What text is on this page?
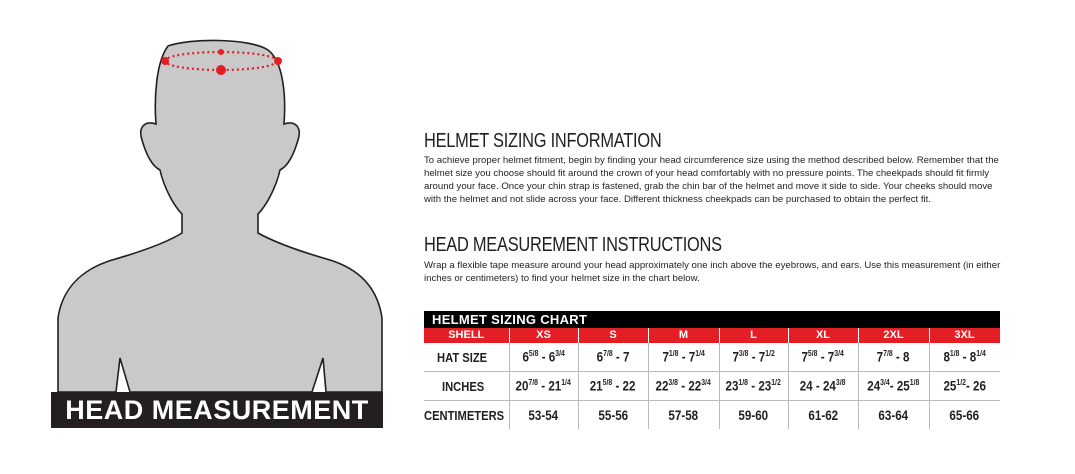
HEAD MEASUREMENT
HELMET SIZING INFORMATION
To achieve proper helmet fitment, begin by finding your head circumference size using the method described below. Remember that the helmet size you choose should fit around the crown of your head comfortably with no pressure points. The cheekpads should fit firmly around your face. Once your chin strap is fastened, grab the chin bar of the helmet and move it side to side. Your cheeks should move with the helmet and not slide across your face. Different thickness cheekpads can be purchased to obtain the perfect fit.
HEAD MEASUREMENT INSTRUCTIONS
Wrap a flexible tape measure around your head approximately one inch above the eyebrows, and ears. Use this measurement (in either inches or centimeters) to find your helmet size in the chart below.
HELMET SIZING CHART
SHELL	XS	S	M	L	XL	2XL	3XL
HAT SIZE	$6^{5/8} - 6^{3/4}$	$6^{7/8} - 7$	$7^{1/8} - 7^{1/4}$	$7^{3/8} - 7^{1/2}$	$7^{5/8} - 7^{3/4}$	$7^{7/8} - 8$	$8^{1/8} - 8^{1/4}$
INCHES	$20^{7/8} - 21^{1/4}$	$21^{5/8} - 22$	$22^{3/8} - 22^{3/4}$	$23^{1/8} - 23^{1/2}$	$24 - 24^{3/8}$	$24^{3/4}-$ $25^{1/8}$	$25^{1/2}-$ 26
CENTIMETERS	53-54	55-56	57-58	59-60	61-62	63-64	65-66
